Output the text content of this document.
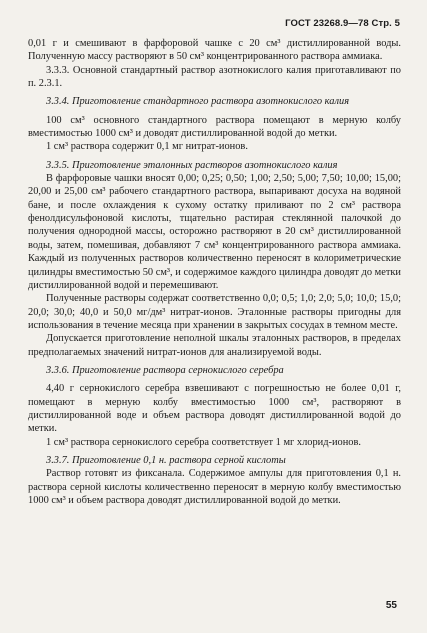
ГОСТ 23268.9—78 Стр. 5

0,01 г и смешивают в фарфоровой чашке с 20 см³ дистиллированной воды. Полученную массу растворяют в 50 см³ концентрированного раствора аммиака.

3.3.3. Основной стандартный раствор азотнокислого калия приготавливают по п. 2.3.1.

3.3.4. Приготовление стандартного раствора азотнокислого калия

100 см³ основного стандартного раствора помещают в мерную колбу вместимостью 1000 см³ и доводят дистиллированной водой до метки.

1 см³ раствора содержит 0,1 мг нитрат-ионов.

3.3.5. Приготовление эталонных растворов азотнокислого калия

В фарфоровые чашки вносят 0,00; 0,25; 0,50; 1,00; 2,50; 5,00; 7,50; 10,00; 15,00; 20,00 и 25,00 см³ рабочего стандартного раствора, выпаривают досуха на водяной бане, и после охлаждения к сухому остатку приливают по 2 см³ раствора фенолдисульфоновой кислоты, тщательно растирая стеклянной палочкой до получения однородной массы, осторожно растворяют в 20 см³ дистиллированной воды, затем, помешивая, добавляют 7 см³ концентрированного раствора аммиака. Каждый из полученных растворов количественно переносят в колориметрические цилиндры вместимостью 50 см³, и содержимое каждого цилиндра доводят до метки дистиллированной водой и перемешивают.

Полученные растворы содержат соответственно 0,0; 0,5; 1,0; 2,0; 5,0; 10,0; 15,0; 20,0; 30,0; 40,0 и 50,0 мг/дм³ нитрат-ионов. Эталонные растворы пригодны для использования в течение месяца при хранении в закрытых сосудах в темном месте.

Допускается приготовление неполной шкалы эталонных растворов, в пределах предполагаемых значений нитрат-ионов для анализируемой воды.

3.3.6. Приготовление раствора сернокислого серебра

4,40 г сернокислого серебра взвешивают с погрешностью не более 0,01 г, помещают в мерную колбу вместимостью 1000 см³, растворяют в дистиллированной воде и объем раствора доводят дистиллированной водой до метки.

1 см³ раствора сернокислого серебра соответствует 1 мг хлорид-ионов.

3.3.7. Приготовление 0,1 н. раствора серной кислоты

Раствор готовят из фиксанала. Содержимое ампулы для приготовления 0,1 н. раствора серной кислоты количественно переносят в мерную колбу вместимостью 1000 см³ и объем раствора доводят дистиллированной водой до метки.

55
